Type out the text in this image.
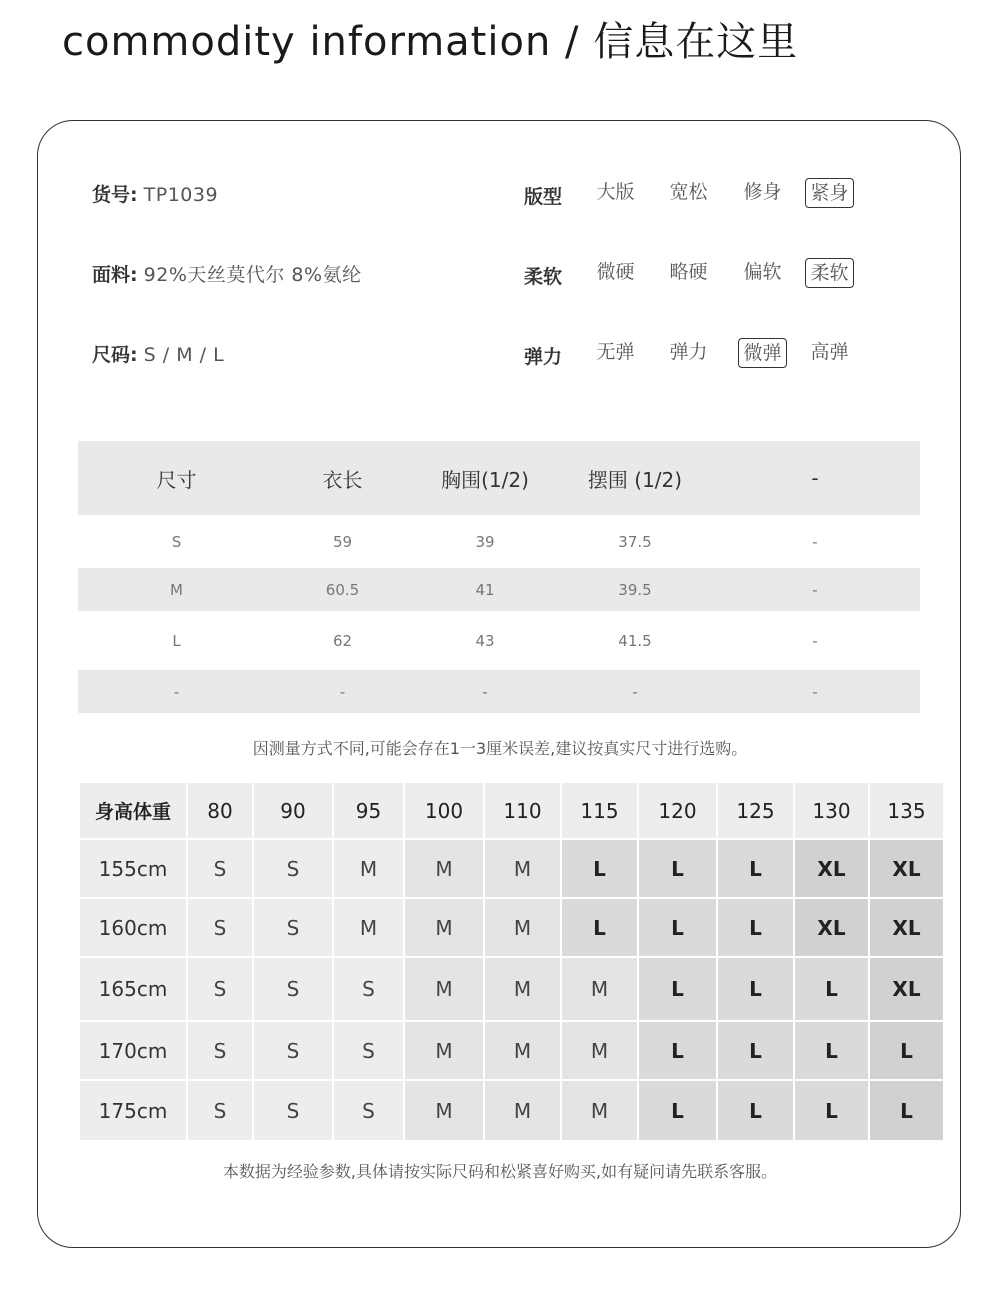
commodity information / 信息在这里
货号: TP1039
面料: 92%天丝莫代尔 8%氨纶
尺码: S / M / L
版型 大版 宽松 修身 紧身
柔软 微硬 略硬 偏软 柔软
弹力 无弹 弹力 微弹 高弹
尺寸	衣长	胸围(1/2)	摆围 (1/2)	-
S	59	39	37.5	-
M	60.5	41	39.5	-
L	62	43	41.5	-
-	-	-	-	-
因测量方式不同,可能会存在1一3厘米误差,建议按真实尺寸进行选购。
身高体重	80	90	95	100	110	115	120	125	130	135
155cm	S	S	M	M	M	L	L	L	XL	XL
160cm	S	S	M	M	M	L	L	L	XL	XL
165cm	S	S	S	M	M	M	L	L	L	XL
170cm	S	S	S	M	M	M	L	L	L	L
175cm	S	S	S	M	M	M	L	L	L	L
本数据为经验参数,具体请按实际尺码和松紧喜好购买,如有疑问请先联系客服。
